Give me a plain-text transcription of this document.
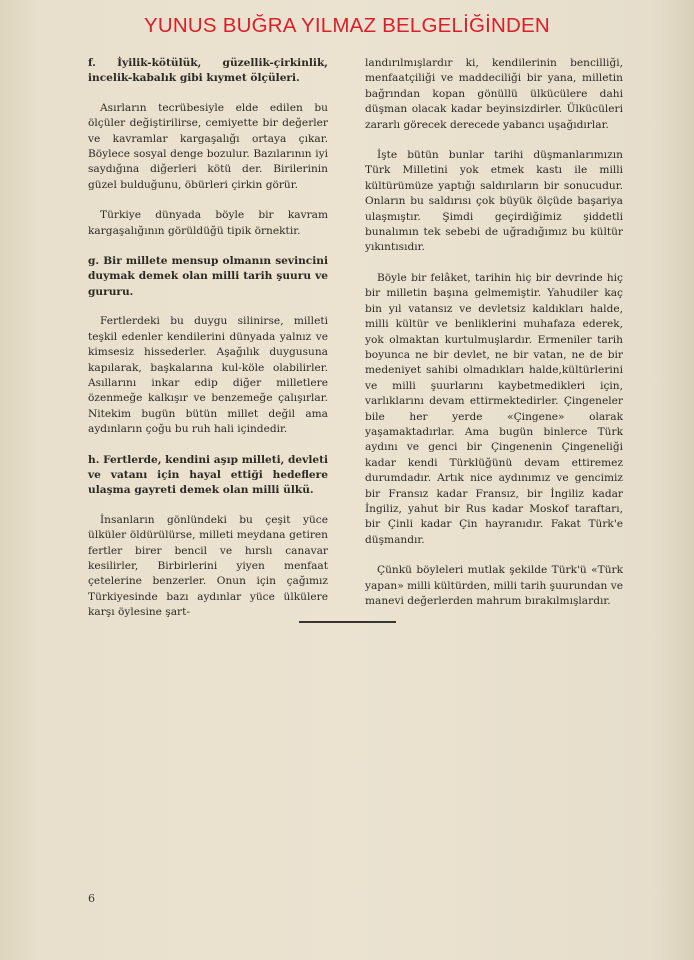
YUNUS BUĞRA YILMAZ BELGELİĞİNDEN

f. İyilik-kötülük, güzellik-çirkinlik, incelik-kabalık gibi kıymet ölçüleri.

Asırların tecrübesiyle elde edilen bu ölçüler değiştirilirse, cemiyette bir değerler ve kavramlar kargaşalığı ortaya çıkar. Böylece sosyal denge bozulur. Bazılarının iyi saydığına diğerleri kötü der. Birilerinin güzel bulduğunu, öbürleri çirkin görür.

Türkiye dünyada böyle bir kavram kargaşalığının görüldüğü tipik örnektir.

g. Bir millete mensup olmanın sevincini duymak demek olan milli tarih şuuru ve gururu.

Fertlerdeki bu duygu silinirse, milleti teşkil edenler kendilerini dünyada yalnız ve kimsesiz hissederler. Aşağılık duygusuna kapılarak, başkalarına kul-köle olabilirler. Asıllarını inkar edip diğer milletlere özenmeğe kalkışır ve benzemeğe çalışırlar. Nitekim bugün bütün millet değil ama aydınların çoğu bu ruh hali içindedir.

h. Fertlerde, kendini aşıp milleti, devleti ve vatanı için hayal ettiği hedeflere ulaşma gayreti demek olan milli ülkü.

İnsanların gönlündeki bu çeşit yüce ülküler öldürülürse, milleti meydana getiren fertler birer bencil ve hırslı canavar kesilirler, Birbirlerini yiyen menfaat çetelerine benzerler. Onun için çağımız Türkiyesinde bazı aydınlar yüce ülkülere karşı öylesine şart-

landırılmışlardır ki, kendilerinin bencilliği, menfaatçiliği ve maddeciliği bir yana, milletin bağrından kopan gönüllü ülkücülere dahi düşman olacak kadar beyinsizdirler. Ülkücüleri zararlı görecek derecede yabancı uşağıdırlar.

İşte bütün bunlar tarihi düşmanlarımızın Türk Milletini yok etmek kastı ile milli kültürümüze yaptığı saldırıların bir sonucudur. Onların bu saldırısı çok büyük ölçüde başariya ulaşmıştır. Şimdi geçirdiğimiz şiddetli bunalımın tek sebebi de uğradığımız bu kültür yıkıntısıdır.

Böyle bir felâket, tarihin hiç bir devrinde hiç bir milletin başına gelmemiştir. Yahudiler kaç bin yıl vatansız ve devletsiz kaldıkları halde, milli kültür ve benliklerini muhafaza ederek, yok olmaktan kurtulmuşlardır. Ermeniler tarih boyunca ne bir devlet, ne bir vatan, ne de bir medeniyet sahibi olmadıkları halde,kültürlerini ve milli şuurlarını kaybetmedikleri için, varlıklarını devam ettirmektedirler. Çingeneler bile her yerde «Çingene» olarak yaşamaktadırlar. Ama bugün binlerce Türk aydını ve genci bir Çingenenin Çingeneliği kadar kendi Türklüğünü devam ettiremez durumdadır. Artık nice aydınımız ve gencimiz bir Fransız kadar Fransız, bir İngiliz kadar İngiliz, yahut bir Rus kadar Moskof taraftarı, bir Çinli kadar Çin hayranıdır. Fakat Türk'e düşmandır.

Çünkü böyleleri mutlak şekilde Türk'ü «Türk yapan» milli kültürden, milli tarih şuurundan ve manevi değerlerden mahrum bırakılmışlardır.

6
